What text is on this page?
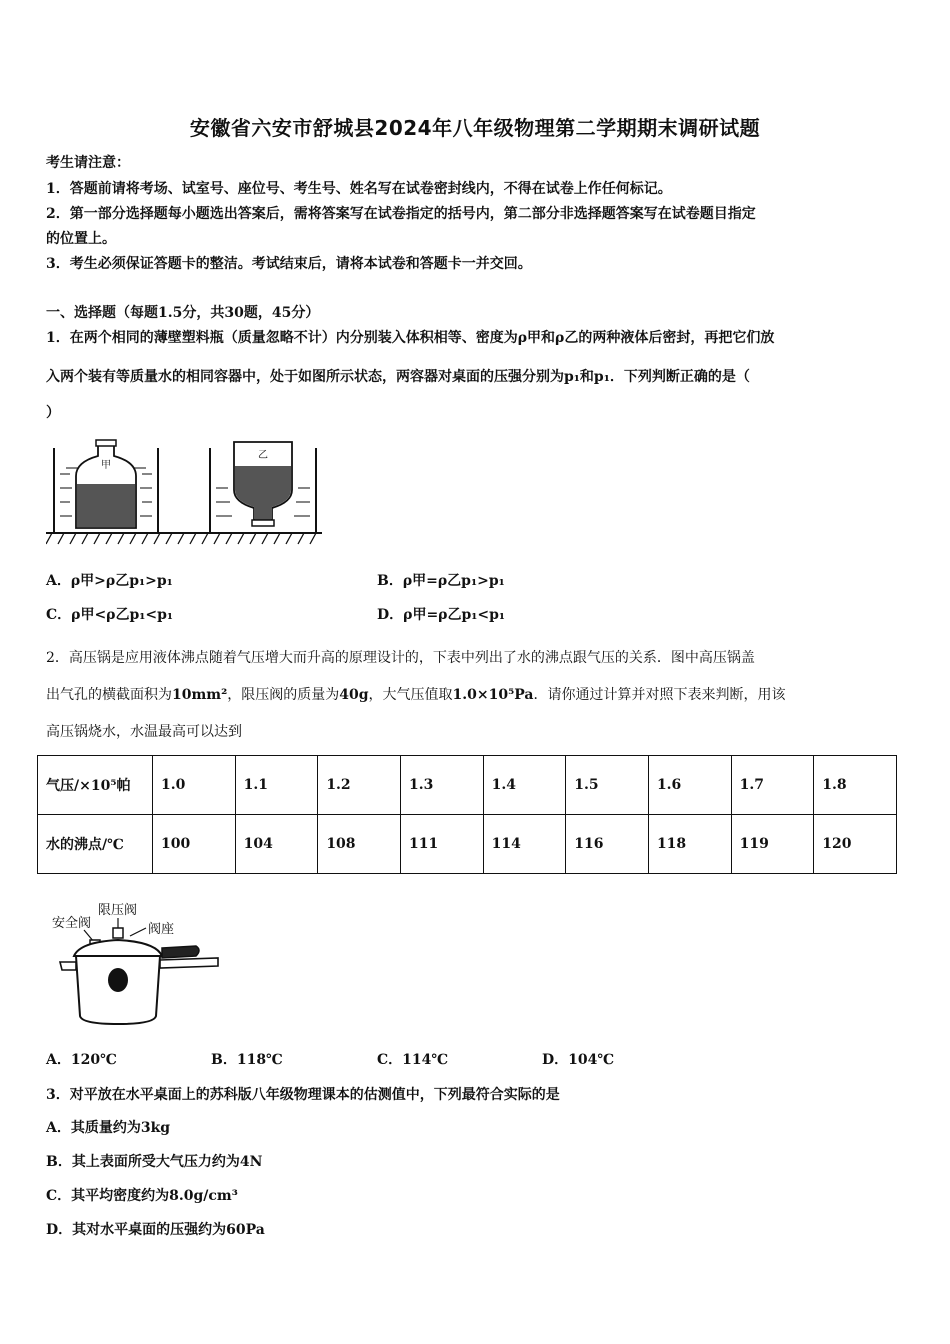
安徽省六安市舒城县2024年八年级物理第二学期期末调研试题
考生请注意：
1．答题前请将考场、试室号、座位号、考生号、姓名写在试卷密封线内，不得在试卷上作任何标记。
2．第一部分选择题每小题选出答案后，需将答案写在试卷指定的括号内，第二部分非选择题答案写在试卷题目指定
的位置上。
3．考生必须保证答题卡的整洁。考试结束后，请将本试卷和答题卡一并交回。
一、选择题（每题1.5分，共30题，45分）
1．在两个相同的薄壁塑料瓶（质量忽略不计）内分别装入体积相等、密度为ρ甲和ρ乙的两种液体后密封，再把它们放
入两个装有等质量水的相同容器中，处于如图所示状态，两容器对桌面的压强分别为p₁和p₁．下列判断正确的是（
）
甲
乙
A．ρ甲>ρ乙p₁>p₁	B．ρ甲=ρ乙p₁>p₁
C．ρ甲<ρ乙p₁<p₁	D．ρ甲=ρ乙p₁<p₁
2．高压锅是应用液体沸点随着气压增大而升高的原理设计的，下表中列出了水的沸点跟气压的关系．图中高压锅盖
出气孔的横截面积为10mm²，限压阀的质量为40g，大气压值取1.0×10⁵Pa．请你通过计算并对照下表来判断，用该
高压锅烧水，水温最高可以达到
气压/×10⁵帕	1.0	1.1	1.2	1.3	1.4	1.5	1.6	1.7	1.8
水的沸点/℃	100	104	108	111	114	116	118	119	120
安全阀
限压阀
阀座
A．120℃	B．118℃	C．114℃	D．104℃
3．对平放在水平桌面上的苏科版八年级物理课本的估测值中，下列最符合实际的是
A．其质量约为3kg
B．其上表面所受大气压力约为4N
C．其平均密度约为8.0g/cm³
D．其对水平桌面的压强约为60Pa
